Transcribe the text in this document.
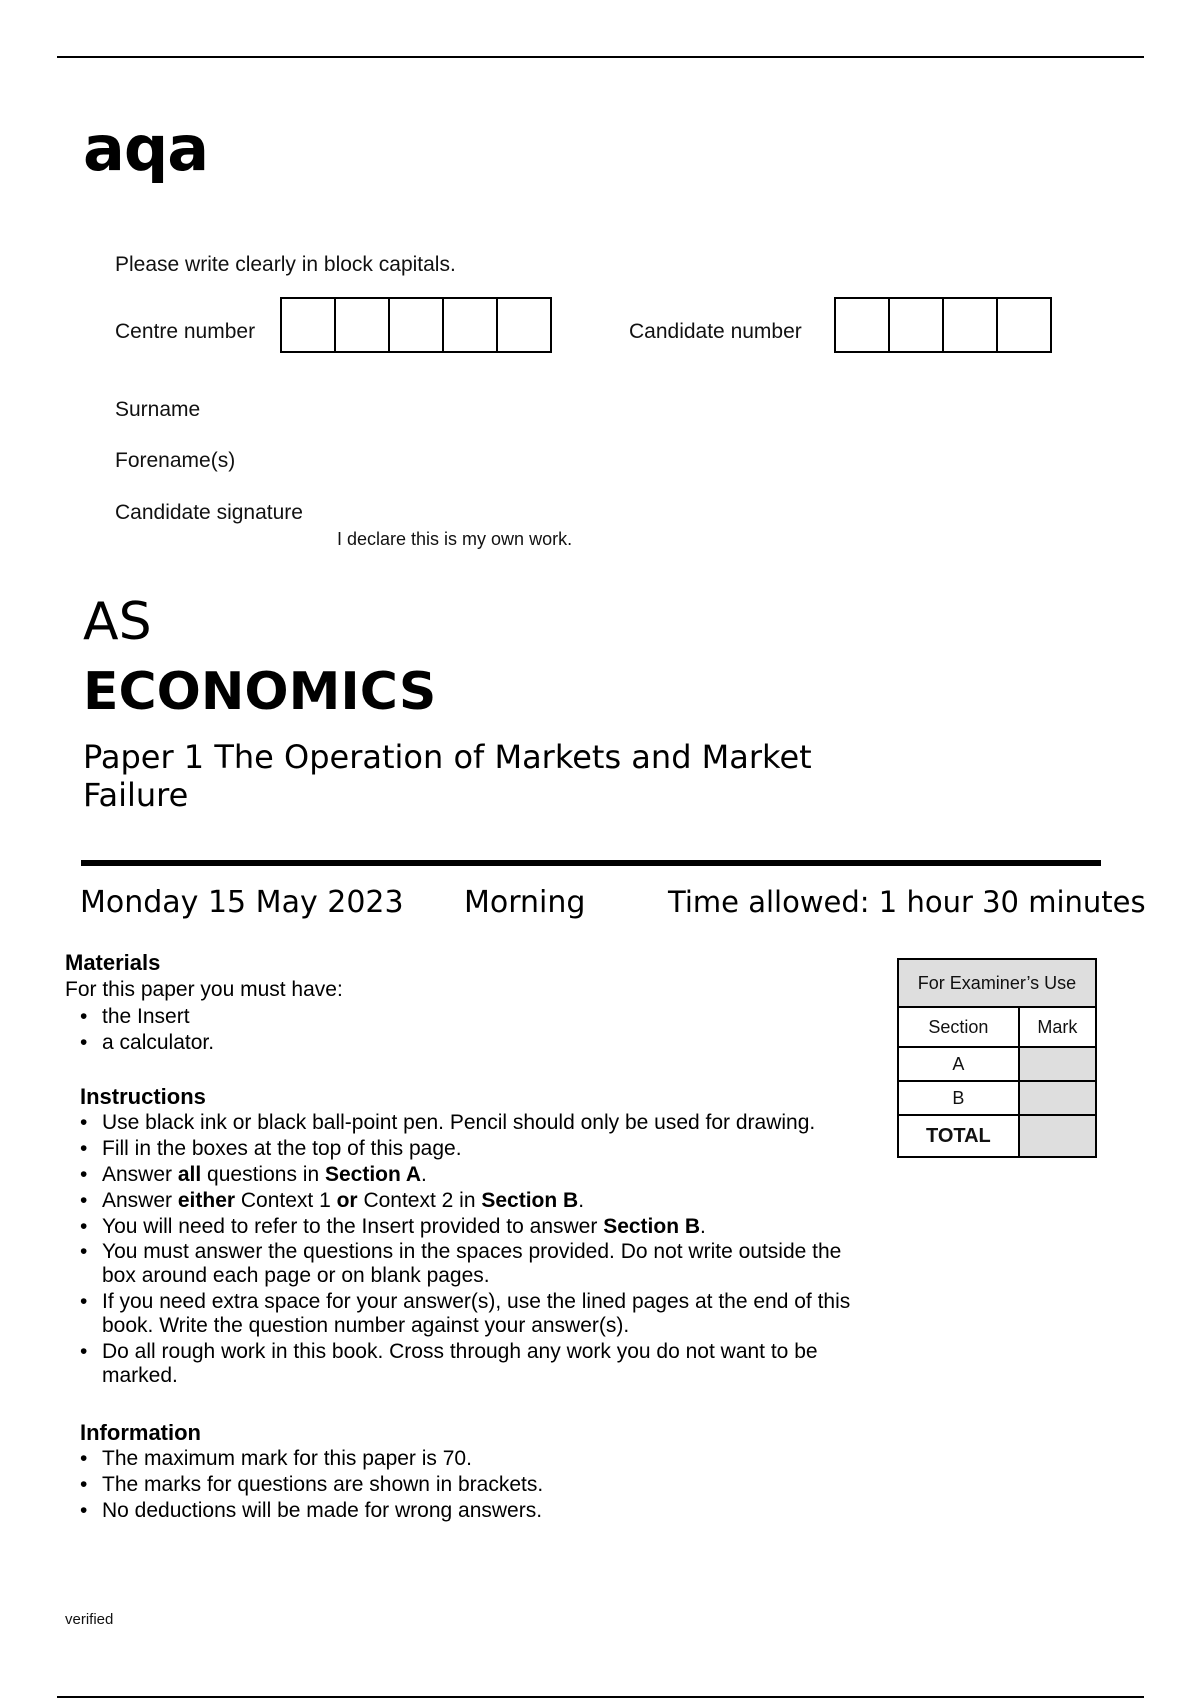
aqa
Please write clearly in block capitals.
Centre number	Candidate number
Surname
Forename(s)
Candidate signature
I declare this is my own work.
AS
ECONOMICS
Paper 1 The Operation of Markets and Market Failure
Monday 15 May 2023 Morning	Time allowed: 1 hour 30 minutes
Materials
For this paper you must have:
• the Insert
• a calculator.
Instructions
• Use black ink or black ball-point pen. Pencil should only be used for drawing.
• Fill in the boxes at the top of this page.
• Answer all questions in Section A.
• Answer either Context 1 or Context 2 in Section B.
• You will need to refer to the Insert provided to answer Section B.
• You must answer the questions in the spaces provided. Do not write outside the box around each page or on blank pages.
• If you need extra space for your answer(s), use the lined pages at the end of this book. Write the question number against your answer(s).
• Do all rough work in this book. Cross through any work you do not want to be marked.
Information
• The maximum mark for this paper is 70.
• The marks for questions are shown in brackets.
• No deductions will be made for wrong answers.
For Examiner’s Use	
Section	Mark
A	
B	
TOTAL	
verified
